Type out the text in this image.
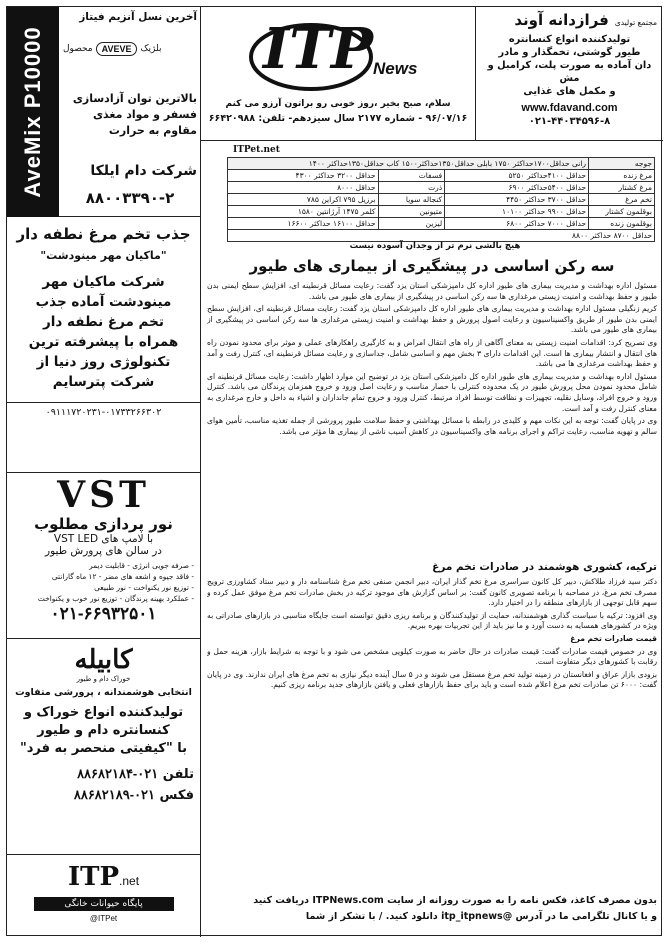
AveMix P10000
آخرین نسل آنزیم فیتاز
بلژیک
AVEVE
محصول
بالاترین توان آزادسازی
فسفر و مواد مغذی
مقاوم به حرارت
شرکت دام ایلکا
۸۸۰۰۳۳۹۰-۲
جذب تخم مرغ نطفه دار
"ماکیان مهر مینودشت"
شرکت ماکیان مهر
مینودشت آماده جذب
تخم مرغ نطفه دار
همراه با پیشرفته ترین
تکنولوژی روز دنیا از
شرکت پترسایم
۰۹۱۱۱۷۲۰۲۳۱-۰۱۷۳۳۲۶۶۳۰۲
VST
نور پردازی مطلوب
با لامپ های VST LED
در سالن های پرورش طیور
- صرفه جویی انرژی - قابلیت دیمر
- فاقد جیوه و اشعه های مضر - ۱۲ ماه گارانتی
- توزیع نور یکنواخت - نور طبیعی
- عملکرد بهینه پرندگان - توزیع نور خوب و یکنواخت
۰۲۱-۶۶۹۳۲۵۰۱
کابیله
خوراک دام و طیور
انتخابی هوشمندانه ، پرورشی متفاوت
تولیدکننده انواع خوراک و
کنسانتره دام و طیور
با "کیفیتی منحصر به فرد"
تلفن ۰۲۱-۸۸۶۸۲۱۸۴
فکس ۰۲۱-۸۸۶۸۲۱۸۹
ITP.net
پایگاه حیوانات خانگی
@ITPet
مجتمع تولیدی
فرازدانه آوند
تولیدکننده انواع کنسانتره
طیور گوشتی، تخمگذار و مادر
دان آماده به صورت پلت، کرامبل و مش
و مکمل های غذایی
www.fdavand.com
۰۲۱-۴۴۰۳۴۵۹۶-۸
ITP News
سلام، صبح بخیر ،روز خوبی رو براتون آرزو می کنم
۹۶/۰۷/۱۶ - شماره ۲۱۷۷ سال سیزدهم- تلفن: ۶۶۴۲۰۹۸۸
ITPet.net
جوجه	رانی حداقل۱۷۰۰حداکثر ۱۷۵۰ بابلی حداقل۱۳۵۰حداکثر۱۵۰۰ کاب حداقل۱۳۵۰حداکثر ۱۴۰۰		
مرغ زنده	حداقل ۴۱۰۰حداکثر ۵۲۵۰	فسفات	حداقل ۳۲۰۰ حداکثر ۴۳۰۰
مرغ کشتار	حداقل ۵۴۰۰حداکثر ۶۹۰۰	ذرت	حداقل ۸۰۰۰
تخم مرغ	حداقل ۳۷۰۰ حداکثر ۴۴۵۰	کنجاله سویا	برزیل ۷۹۵ اکراین ۷۸۵
بوقلمون کشتار	حداقل ۹۹۰۰ حداکثر ۱۰۱۰۰	متیونین	کلمر ۱۴۷۵ آرژانتین ۱۵۸۰
بوقلمون زنده	حداقل ۷۰۰۰ حداکثر ۶۸۰۰	لیزین	حداقل ۱۶۱۰۰ حداکثر ۱۶۶۰۰
حداقل ۸۷۰۰ حداکثر ۸۸۰۰			
هیچ بالشی نرم تر از وجدان آسوده نیست
سه رکن اساسی در پیشگیری از بیماری های طیور

مسئول اداره بهداشت و مدیریت بیماری های طیور اداره کل دامپزشکی استان یزد گفت: رعایت مسائل قرنطینه ای، افزایش سطح ایمنی بدن طیور و حفظ بهداشت و امنیت زیستی مرغداری ها سه رکن اساسی در پیشگیری از بیماری های طیور می باشد.

کریم زنگیلی مسئول اداره بهداشت و مدیریت بیماری های طیور اداره کل دامپزشکی استان یزد گفت: رعایت مسائل قرنطینه ای، افزایش سطح ایمنی بدن طیور از طریق واکسیناسیون و رعایت اصول پرورش و حفظ بهداشت و امنیت زیستی مرغداری ها سه رکن اساسی در پیشگیری از بیماری های طیور می باشد.

وی تصریح کرد: اقدامات امنیت زیستی به معنای آگاهی از راه های انتقال امراض و به کارگیری راهکارهای عملی و موثر برای محدود نمودن راه های انتقال و انتشار بیماری ها است. این اقدامات دارای ۳ بخش مهم و اساسی شامل، جداسازی و رعایت مسائل قرنطینه ای، کنترل رفت و آمد و حفظ بهداشت مرغداری ها می باشد.

مسئول اداره بهداشت و مدیریت بیماری های طیور اداره کل دامپزشکی استان یزد در توضیح این موارد اظهار داشت: رعایت مسائل قرنطینه ای شامل محدود نمودن محل پرورش طیور در یک محدوده کنترلی با حصار مناسب و رعایت اصل ورود و خروج همزمان پرندگان می باشد. کنترل ورود و خروج افراد، وسایل نقلیه، تجهیزات و نظافت توسط افراد مرتبط، کنترل ورود و خروج تمام جانداران و اشیاء به داخل و خارج مرغداری به معنای کنترل رفت و آمد است.

وی در پایان گفت: توجه به این نکات مهم و کلیدی در رابطه با مسائل بهداشتی و حفظ سلامت طیور پرورشی از جمله تغذیه مناسب، تأمین هوای سالم و تهویه مناسب، رعایت تراکم و اجرای برنامه های واکسیناسیون در کاهش آسیب ناشی از بیماری ها مؤثر می باشد.

ترکیه، کشوری هوشمند در صادرات تخم مرغ

دکتر سید فرزاد طلاکش، دبیر کل کانون سراسری مرغ تخم گذار ایران، دبیر انجمن صنفی تخم مرغ شناسنامه دار و دبیر ستاد کشاورزی ترویج مصرف تخم مرغ، در مصاحبه با برنامه تصویری کانون گفت: بر اساس گزارش های موجود ترکیه در بخش صادرات تخم مرغ موفق عمل کرده و سهم قابل توجهی از بازارهای منطقه را در اختیار دارد.

وی افزود: ترکیه با سیاست گذاری هوشمندانه، حمایت از تولیدکنندگان و برنامه ریزی دقیق توانسته است جایگاه مناسبی در بازارهای صادراتی به ویژه در کشورهای همسایه به دست آورد و ما نیز باید از این تجربیات بهره ببریم.

قیمت صادرات تخم مرغ

وی در خصوص قیمت صادرات گفت: قیمت صادرات در حال حاضر به صورت کیلویی مشخص می شود و با توجه به شرایط بازار، هزینه حمل و رقابت با کشورهای دیگر متفاوت است.

بزودی بازار عراق و افغانستان در زمینه تولید تخم مرغ مستقل می شوند و در ۵ سال آینده دیگر نیازی به تخم مرغ های ایران ندارند. وی در پایان گفت: ۶۰۰۰ تن صادرات تخم مرغ اعلام شده است و باید برای حفظ بازارهای فعلی و یافتن بازارهای جدید برنامه ریزی کنیم.

بدون مصرف کاغذ، فکس نامه را به صورت روزانه از سایت ITPNews.com دریافت کنید
و یا کانال تلگرامی ما در آدرس @itp_itpnews دانلود کنید. / با تشکر از شما
